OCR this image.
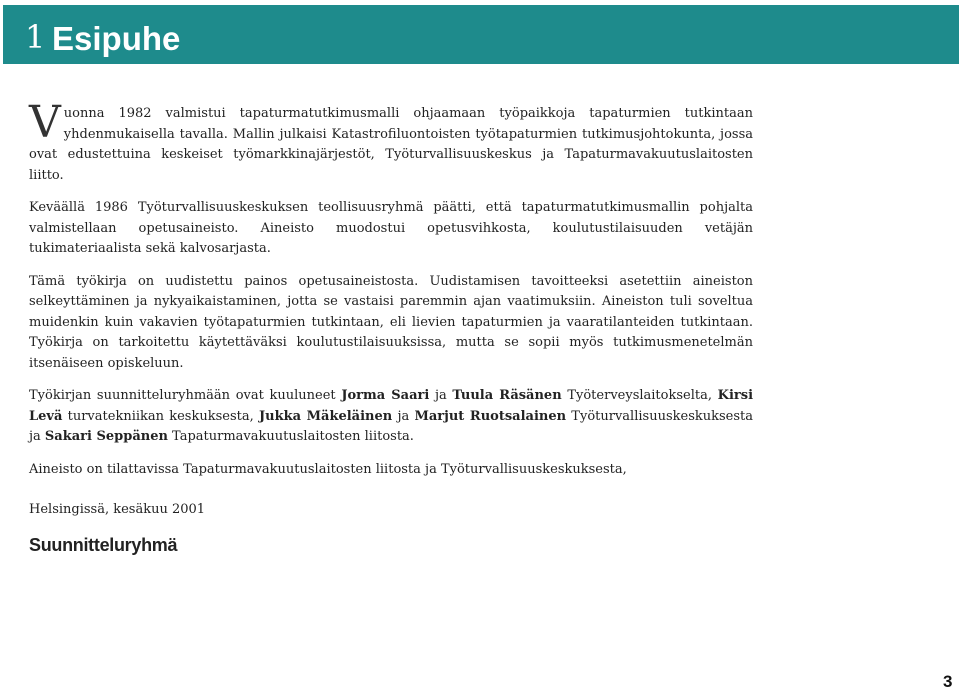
1 Esipuhe

Vuonna 1982 valmistui tapaturmatutkimusmalli ohjaamaan työpaikkoja tapaturmien tutkintaan yhdenmukaisella tavalla. Mallin julkaisi Katastrofiluontoisten työtapaturmien tutkimusjohtokunta, jossa ovat edustettuina keskeiset työmarkkinajärjestöt, Työturvallisuuskeskus ja Tapaturmavakuutuslaitosten liitto.

Keväällä 1986 Työturvallisuuskeskuksen teollisuusryhmä päätti, että tapaturmatutkimusmallin pohjalta valmistellaan opetusaineisto. Aineisto muodostui opetusvihkosta, koulutustilaisuuden vetäjän tukimateriaalista sekä kalvosarjasta.

Tämä työkirja on uudistettu painos opetusaineistosta. Uudistamisen tavoitteeksi asetettiin aineiston selkeyttäminen ja nykyaikaistaminen, jotta se vastaisi paremmin ajan vaatimuksiin. Aineiston tuli soveltua muidenkin kuin vakavien työtapaturmien tutkintaan, eli lievien tapaturmien ja vaaratilanteiden tutkintaan. Työkirja on tarkoitettu käytettäväksi koulutustilaisuuksissa, mutta se sopii myös tutkimusmenetelmän itsenäiseen opiskeluun.

Työkirjan suunnitteluryhmään ovat kuuluneet Jorma Saari ja Tuula Räsänen Työterveyslaitokselta, Kirsi Levä turvatekniikan keskuksesta, Jukka Mäkeläinen ja Marjut Ruotsalainen Työturvallisuuskeskuksesta ja Sakari Seppänen Tapaturmavakuutuslaitosten liitosta.

Aineisto on tilattavissa Tapaturmavakuutuslaitosten liitosta ja Työturvallisuuskeskuksesta,

Helsingissä, kesäkuu 2001
Suunnitteluryhmä
3
